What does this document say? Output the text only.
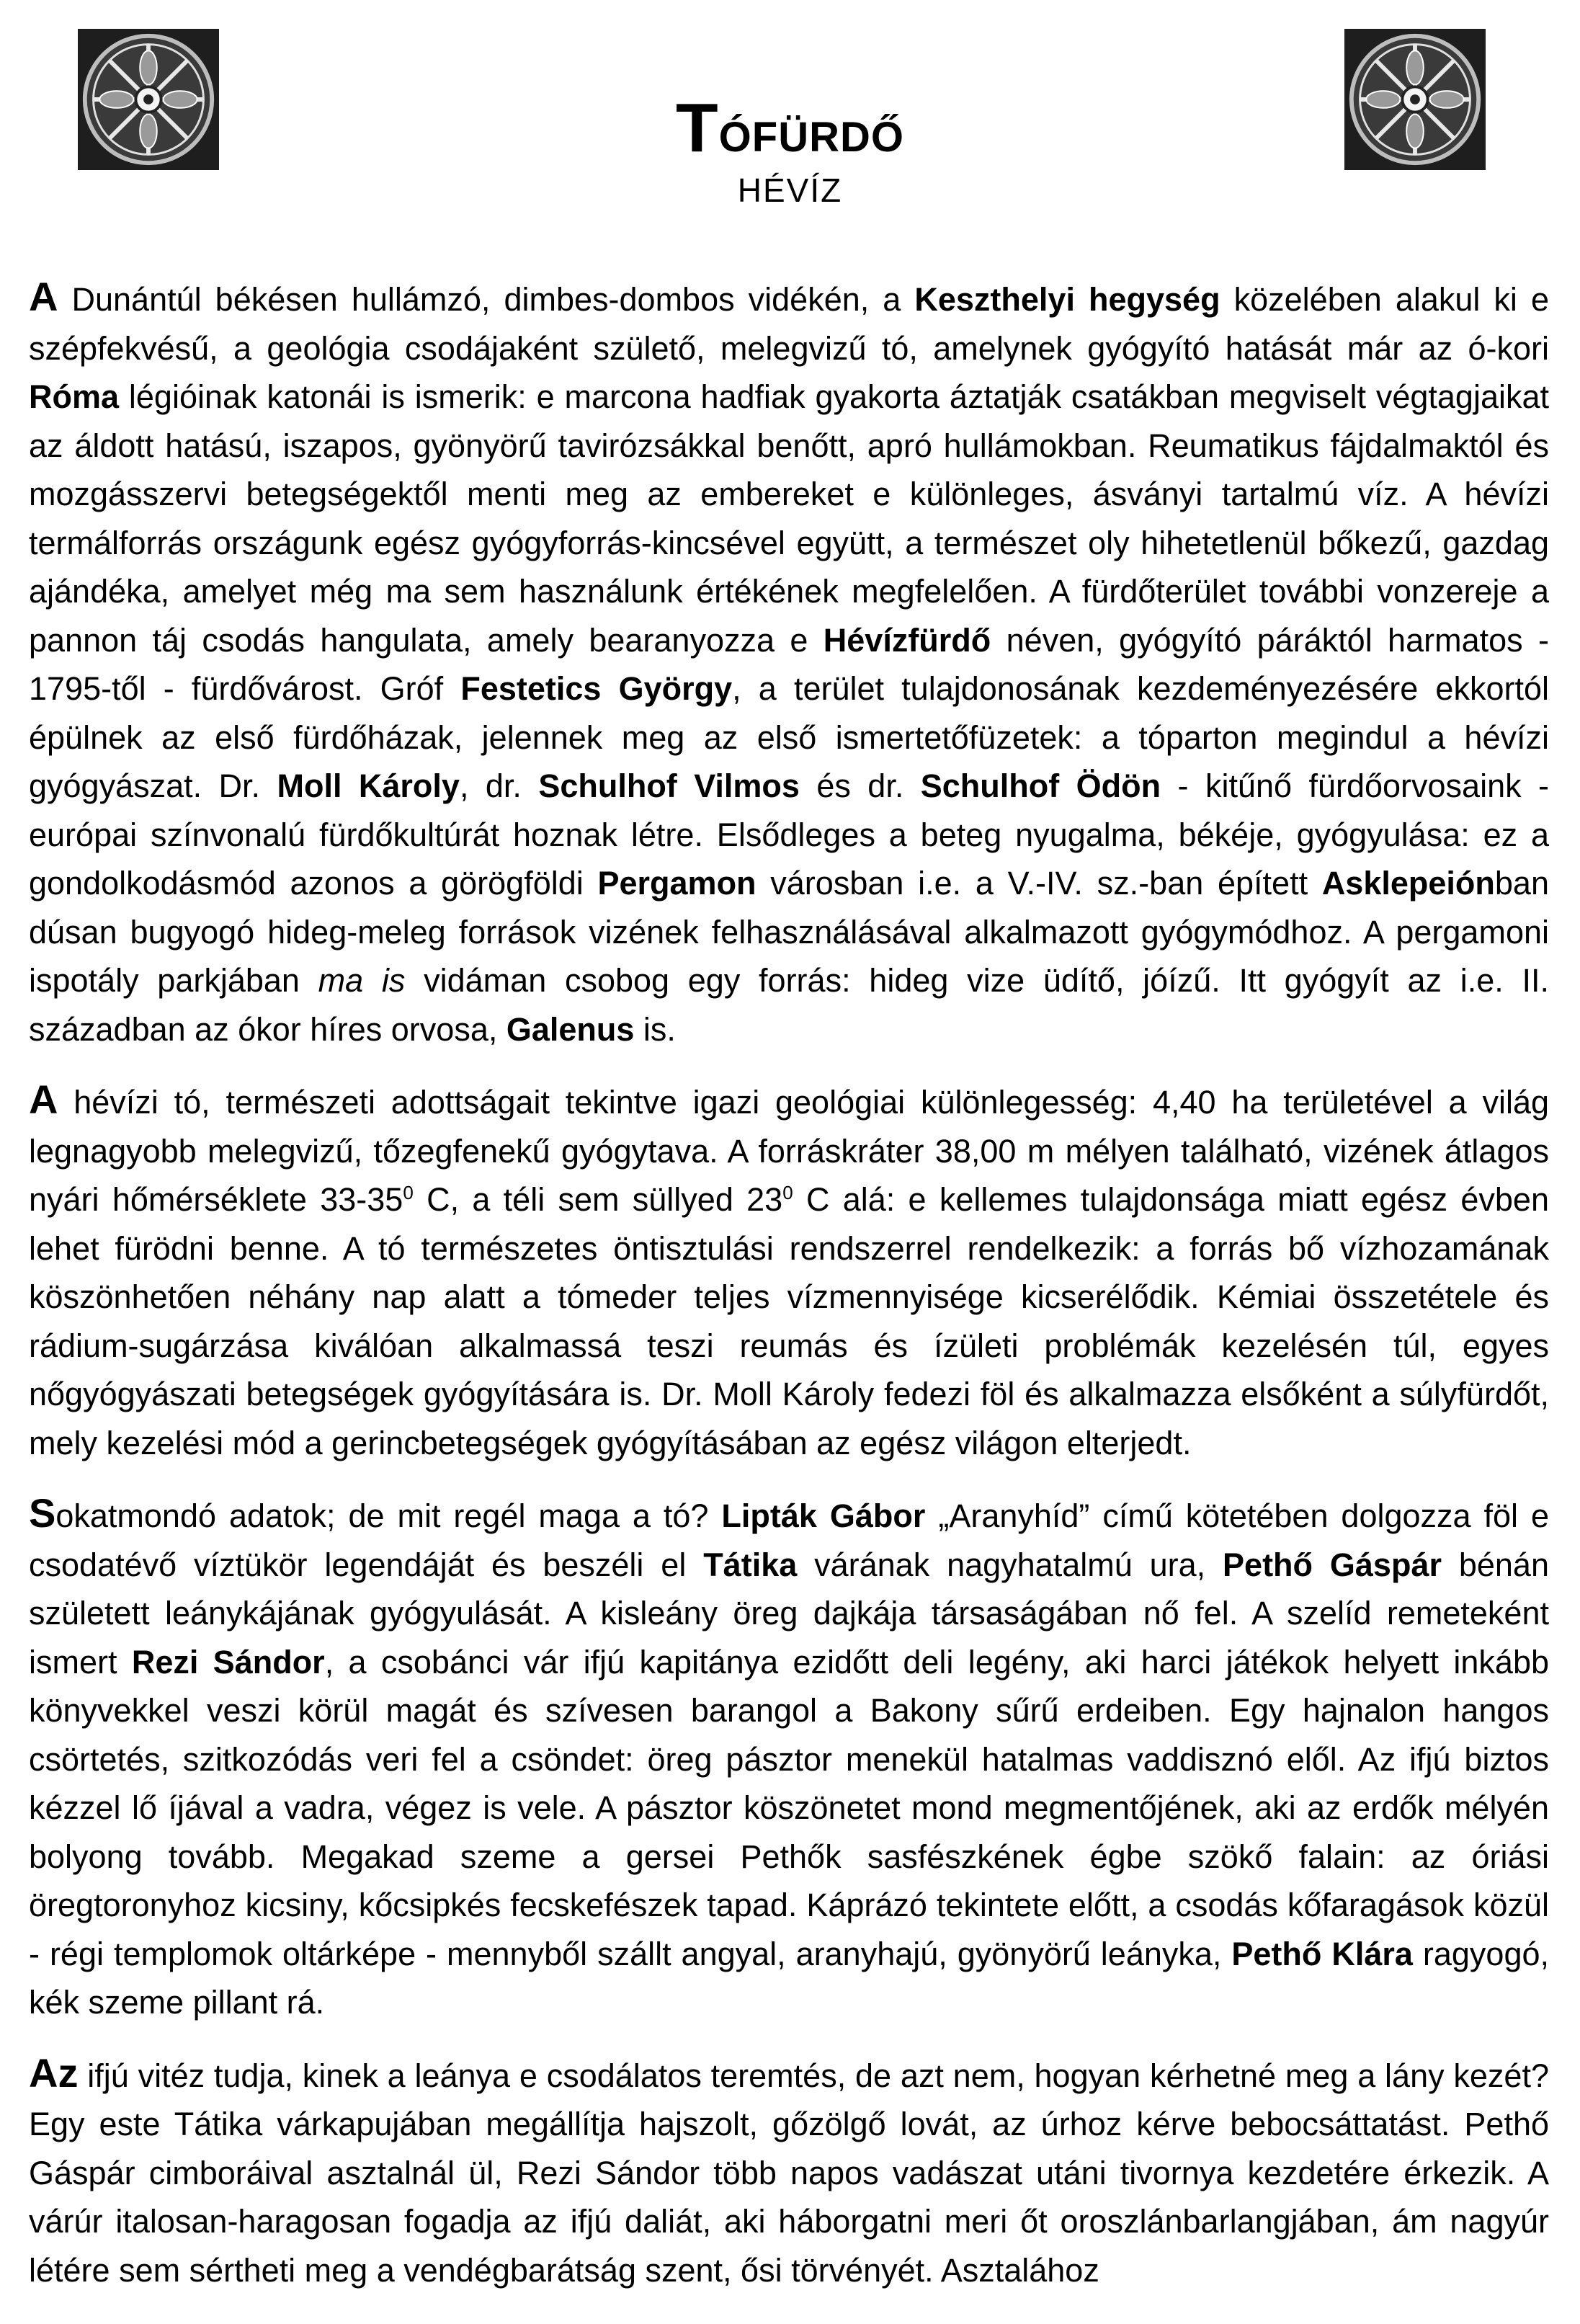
TÓFÜRDŐ
HÉVÍZ

A Dunántúl békésen hullámzó, dimbes-dombos vidékén, a Keszthelyi hegység közelében alakul ki e szépfekvésű, a geológia csodájaként születő, melegvizű tó, amelynek gyógyító hatását már az ó-kori Róma légióinak katonái is ismerik: e marcona hadfiak gyakorta áztatják csatákban megviselt végtagjaikat az áldott hatású, iszapos, gyönyörű tavirózsákkal benőtt, apró hullámokban. Reumatikus fájdalmaktól és mozgásszervi betegségektől menti meg az embereket e különleges, ásványi tartalmú víz. A hévízi termálforrás országunk egész gyógyforrás-kincsével együtt, a természet oly hihetetlenül bőkezű, gazdag ajándéka, amelyet még ma sem használunk értékének megfelelően. A fürdőterület további vonzereje a pannon táj csodás hangulata, amely bearanyozza e Hévízfürdő néven, gyógyító páráktól harmatos - 1795-től - fürdővárost. Gróf Festetics György, a terület tulajdonosának kezdeményezésére ekkortól épülnek az első fürdőházak, jelennek meg az első ismertetőfüzetek: a tóparton megindul a hévízi gyógyászat. Dr. Moll Károly, dr. Schulhof Vilmos és dr. Schulhof Ödön - kitűnő fürdőorvosaink - európai színvonalú fürdőkultúrát hoznak létre. Elsődleges a beteg nyugalma, békéje, gyógyulása: ez a gondolkodásmód azonos a görögföldi Pergamon városban i.e. a V.-IV. sz.-ban épített Asklepeiónban dúsan bugyogó hideg-meleg források vizének felhasználásával alkalmazott gyógymódhoz. A pergamoni ispotály parkjában ma is vidáman csobog egy forrás: hideg vize üdítő, jóízű. Itt gyógyít az i.e. II. században az ókor híres orvosa, Galenus is.

A hévízi tó, természeti adottságait tekintve igazi geológiai különlegesség: 4,40 ha területével a világ legnagyobb melegvizű, tőzegfenekű gyógytava. A forráskráter 38,00 m mélyen található, vizének átlagos nyári hőmérséklete $33-35^0$ C, a téli sem süllyed $23^0$ C alá: e kellemes tulajdonsága miatt egész évben lehet fürödni benne. A tó természetes öntisztulási rendszerrel rendelkezik: a forrás bő vízhozamának köszönhetően néhány nap alatt a tómeder teljes vízmennyisége kicserélődik. Kémiai összetétele és rádium-sugárzása kiválóan alkalmassá teszi reumás és ízületi problémák kezelésén túl, egyes nőgyógyászati betegségek gyógyítására is. Dr. Moll Károly fedezi föl és alkalmazza elsőként a súlyfürdőt, mely kezelési mód a gerincbetegségek gyógyításában az egész világon elterjedt.

Sokatmondó adatok; de mit regél maga a tó? Lipták Gábor „Aranyhíd” című kötetében dolgozza föl e csodatévő víztükör legendáját és beszéli el Tátika várának nagyhatalmú ura, Pethő Gáspár bénán született leánykájának gyógyulását. A kisleány öreg dajkája társaságában nő fel. A szelíd remeteként ismert Rezi Sándor, a csobánci vár ifjú kapitánya ezidőtt deli legény, aki harci játékok helyett inkább könyvekkel veszi körül magát és szívesen barangol a Bakony sűrű erdeiben. Egy hajnalon hangos csörtetés, szitkozódás veri fel a csöndet: öreg pásztor menekül hatalmas vaddisznó elől. Az ifjú biztos kézzel lő íjával a vadra, végez is vele. A pásztor köszönetet mond megmentőjének, aki az erdők mélyén bolyong tovább. Megakad szeme a gersei Pethők sasfészkének égbe szökő falain: az óriási öregtoronyhoz kicsiny, kőcsipkés fecskefészek tapad. Káprázó tekintete előtt, a csodás kőfaragások közül - régi templomok oltárképe - mennyből szállt angyal, aranyhajú, gyönyörű leányka, Pethő Klára ragyogó, kék szeme pillant rá.

Az ifjú vitéz tudja, kinek a leánya e csodálatos teremtés, de azt nem, hogyan kérhetné meg a lány kezét? Egy este Tátika várkapujában megállítja hajszolt, gőzölgő lovát, az úrhoz kérve bebocsáttatást. Pethő Gáspár cimboráival asztalnál ül, Rezi Sándor több napos vadászat utáni tivornya kezdetére érkezik. A várúr italosan-haragosan fogadja az ifjú daliát, aki háborgatni meri őt oroszlánbarlangjában, ám nagyúr létére sem sértheti meg a vendégbarátság szent, ősi törvényét. Asztalához
